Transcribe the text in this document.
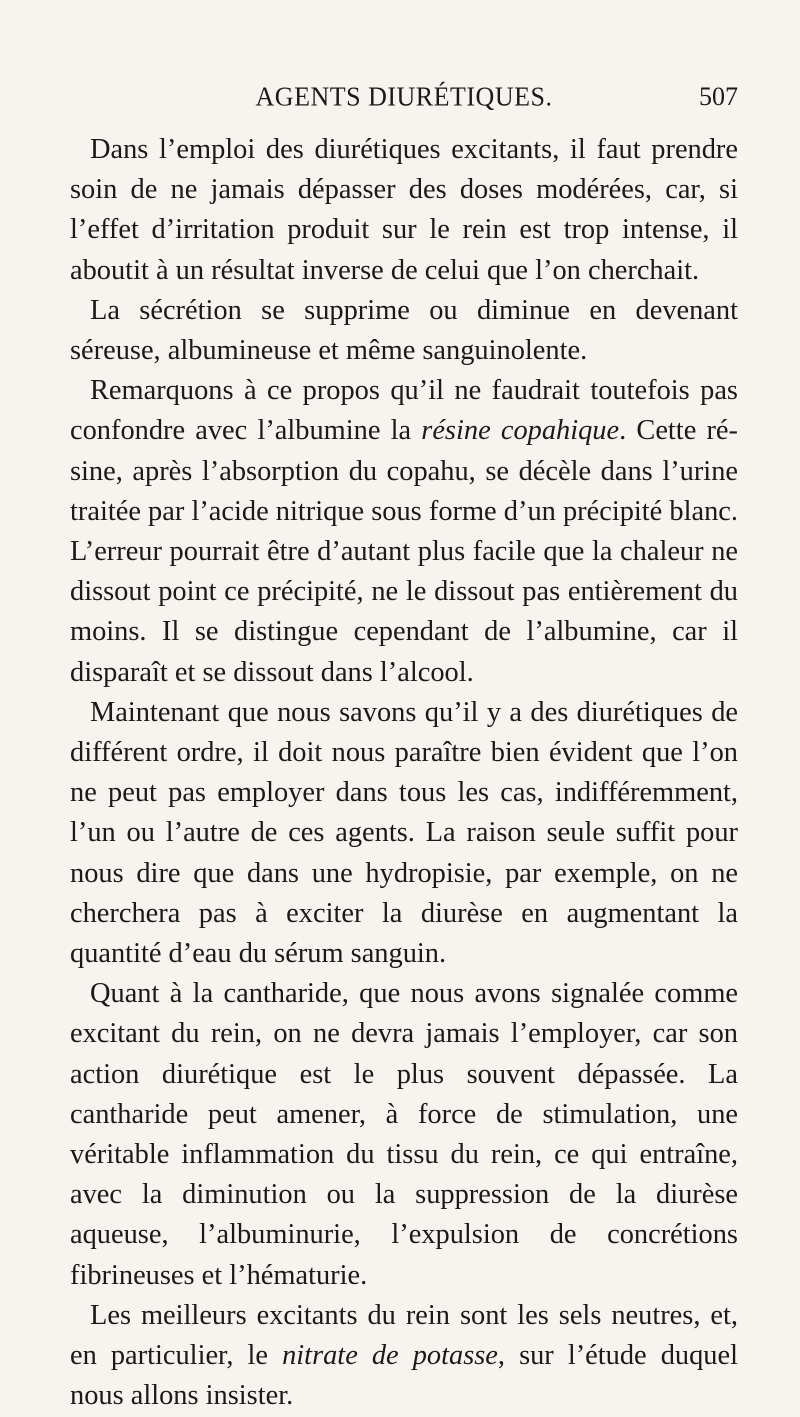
AGENTS DIURÉTIQUES.	507

Dans l’emploi des diurétiques excitants, il faut prendre soin de ne jamais dépasser des doses modérées, car, si l’effet d’irritation produit sur le rein est trop intense, il aboutit à un résultat inverse de celui que l’on cherchait.

La sécrétion se supprime ou diminue en devenant séreuse, albumineuse et même sanguinolente.

Remarquons à ce propos qu’il ne faudrait toutefois pas confondre avec l’albumine la résine copahique. Cette résine, après l’absorption du copahu, se décèle dans l’urine traitée par l’acide nitrique sous forme d’un précipité blanc. L’erreur pourrait être d’autant plus facile que la chaleur ne dissout point ce précipité, ne le dissout pas entièrement du moins. Il se distingue cependant de l’albumine, car il disparaît et se dissout dans l’alcool.

Maintenant que nous savons qu’il y a des diurétiques de différent ordre, il doit nous paraître bien évident que l’on ne peut pas employer dans tous les cas, indifféremment, l’un ou l’autre de ces agents. La raison seule suffit pour nous dire que dans une hydropisie, par exemple, on ne cherchera pas à exciter la diurèse en augmentant la quantité d’eau du sérum sanguin.

Quant à la cantharide, que nous avons signalée comme excitant du rein, on ne devra jamais l’employer, car son action diurétique est le plus souvent dépassée. La cantharide peut amener, à force de stimulation, une véritable inflammation du tissu du rein, ce qui entraîne, avec la diminution ou la suppression de la diurèse aqueuse, l’albuminurie, l’expulsion de concrétions fibrineuses et l’hématurie.

Les meilleurs excitants du rein sont les sels neutres, et, en particulier, le nitrate de potasse, sur l’étude duquel nous allons insister.
